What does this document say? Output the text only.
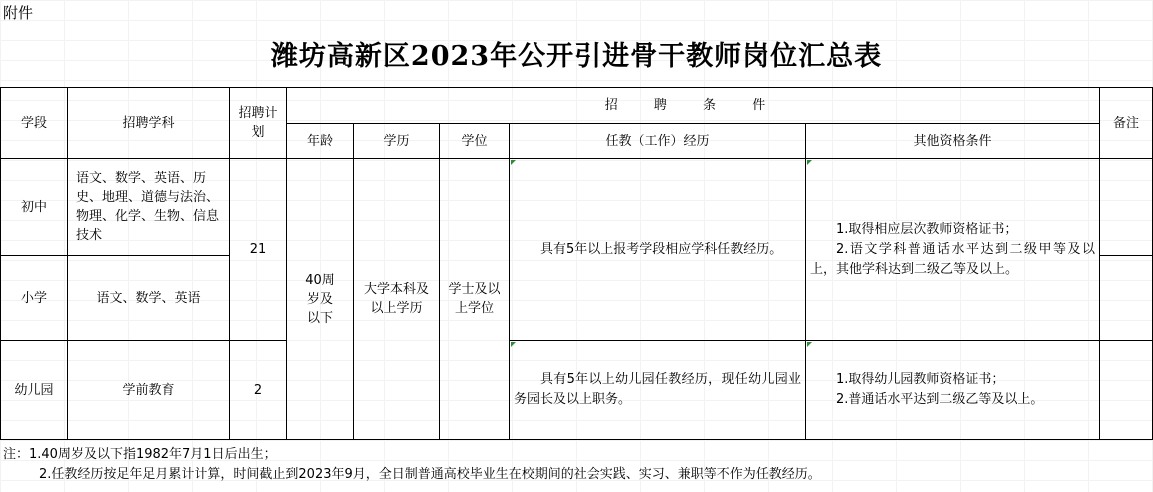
附件
潍坊高新区2023年公开引进骨干教师岗位汇总表
学段	招聘学科	招聘计划	招 聘 条 件					备注
			年龄	学历	学位	任教（工作）经历	其他资格条件	
初中	语文、数学、英语、历史、地理、道德与法治、物理、化学、生物、信息技术	21	40周岁及以下	大学本科及以上学历	学士及以上学位	具有5年以上报考学段相应学科任教经历。	1.取得相应层次教师资格证书；
2.语文学科普通话水平达到二级甲等及以上，其他学科达到二级乙等及以上。	

小学	语文、数学、英语							
幼儿园	学前教育	2				具有5年以上幼儿园任教经历，现任幼儿园业务园长及以上职务。	1.取得幼儿园教师资格证书；
2.普通话水平达到二级乙等及以上。	

注：1.40周岁及以下指1982年7月1日后出生；
2.任教经历按足年足月累计计算，时间截止到2023年9月，全日制普通高校毕业生在校期间的社会实践、实习、兼职等不作为任教经历。
